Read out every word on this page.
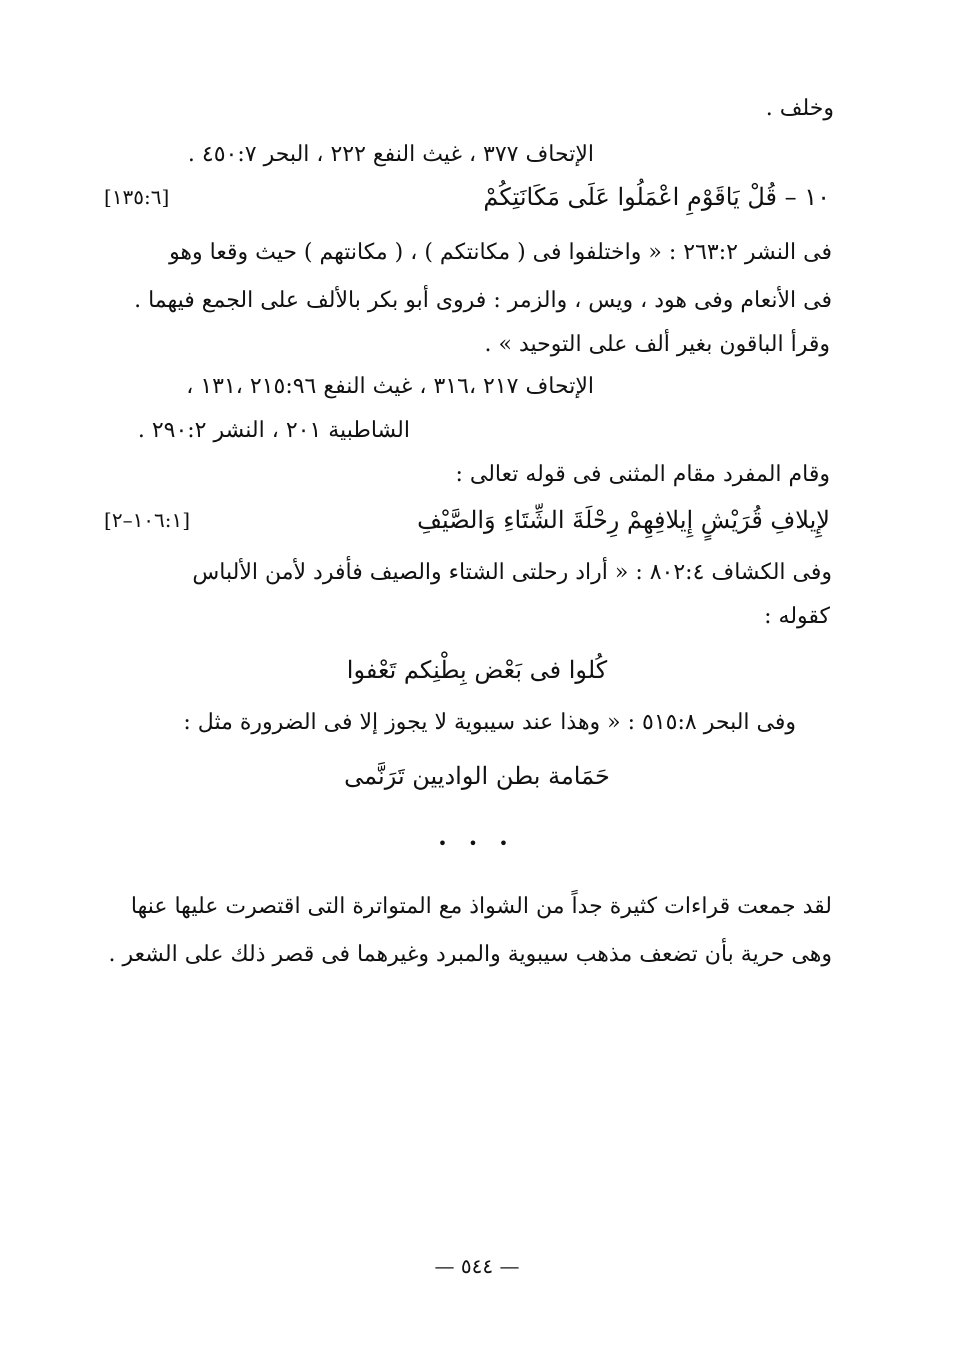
وخلف .
الإتحاف ٣٧٧ ، غيث النفع ٢٢٢ ، البحر ٤٥٠:٧ .
١٠ – قُلْ يَاقَوْمِ اعْمَلُوا عَلَى مَكَانَتِكُمْ
[١٣٥:٦]
فى النشر ٢٦٣:٢ : « واختلفوا فى ( مكانتكم ) ، ( مكانتهم ) حيث وقعا وهو
فى الأنعام وفى هود ، ويس ، والزمر : فروى أبو بكر بالألف على الجمع فيهما .
وقرأ الباقون بغير ألف على التوحيد » .
الإتحاف ٢١٧ ،٣١٦ ، غيث النفع ٢١٥:٩٦ ،١٣١ ،
الشاطبية ٢٠١ ، النشر ٢٩٠:٢ .
وقام المفرد مقام المثنى فى قوله تعالى :
لإِيلافِ قُرَيْشٍ إِيلافِهِمْ رِحْلَةَ الشِّتَاءِ وَالصَّيْفِ
[١٠٦:١–٢]
وفى الكشاف ٨٠٢:٤ : « أراد رحلتى الشتاء والصيف فأفرد لأمن الألباس
كقوله :
كُلوا فى بَعْض بِطْنِكم تَعْفوا
وفى البحر ٥١٥:٨ : « وهذا عند سيبوية لا يجوز إلا فى الضرورة مثل :
حَمَامة بطن الواديين تَرَنَّمى
• • •
لقد جمعت قراءات كثيرة جداً من الشواذ مع المتواترة التى اقتصرت عليها عنها
وهى حرية بأن تضعف مذهب سيبوية والمبرد وغيرهما فى قصر ذلك على الشعر .
— ٥٤٤ —
